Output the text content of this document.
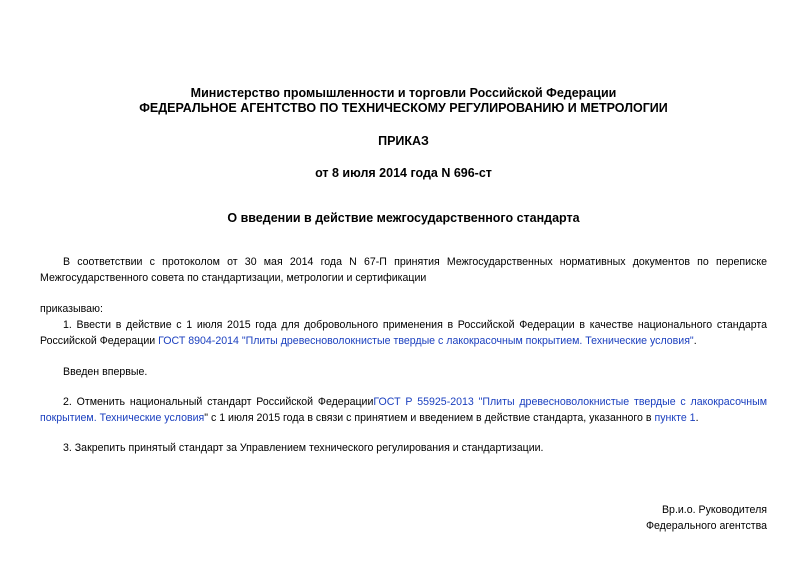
Министерство промышленности и торговли Российской Федерации
ФЕДЕРАЛЬНОЕ АГЕНТСТВО ПО ТЕХНИЧЕСКОМУ РЕГУЛИРОВАНИЮ И МЕТРОЛОГИИ
ПРИКАЗ
от 8 июля 2014 года N 696-ст
О введении в действие межгосударственного стандарта
В соответствии с протоколом от 30 мая 2014 года N 67-П принятия Межгосударственных нормативных документов по переписке Межгосударственного совета по стандартизации, метрологии и сертификации
приказываю:
1. Ввести в действие с 1 июля 2015 года для добровольного применения в Российской Федерации в качестве национального стандарта Российской Федерации ГОСТ 8904-2014 "Плиты древесноволокнистые твердые с лакокрасочным покрытием. Технические условия".
Введен впервые.
2. Отменить национальный стандарт Российской ФедерацииГОСТ Р 55925-2013 "Плиты древесноволокнистые твердые с лакокрасочным покрытием. Технические условия" с 1 июля 2015 года в связи с принятием и введением в действие стандарта, указанного в пункте 1.
3. Закрепить принятый стандарт за Управлением технического регулирования и стандартизации.
Вр.и.о. Руководителя
Федерального агентства
